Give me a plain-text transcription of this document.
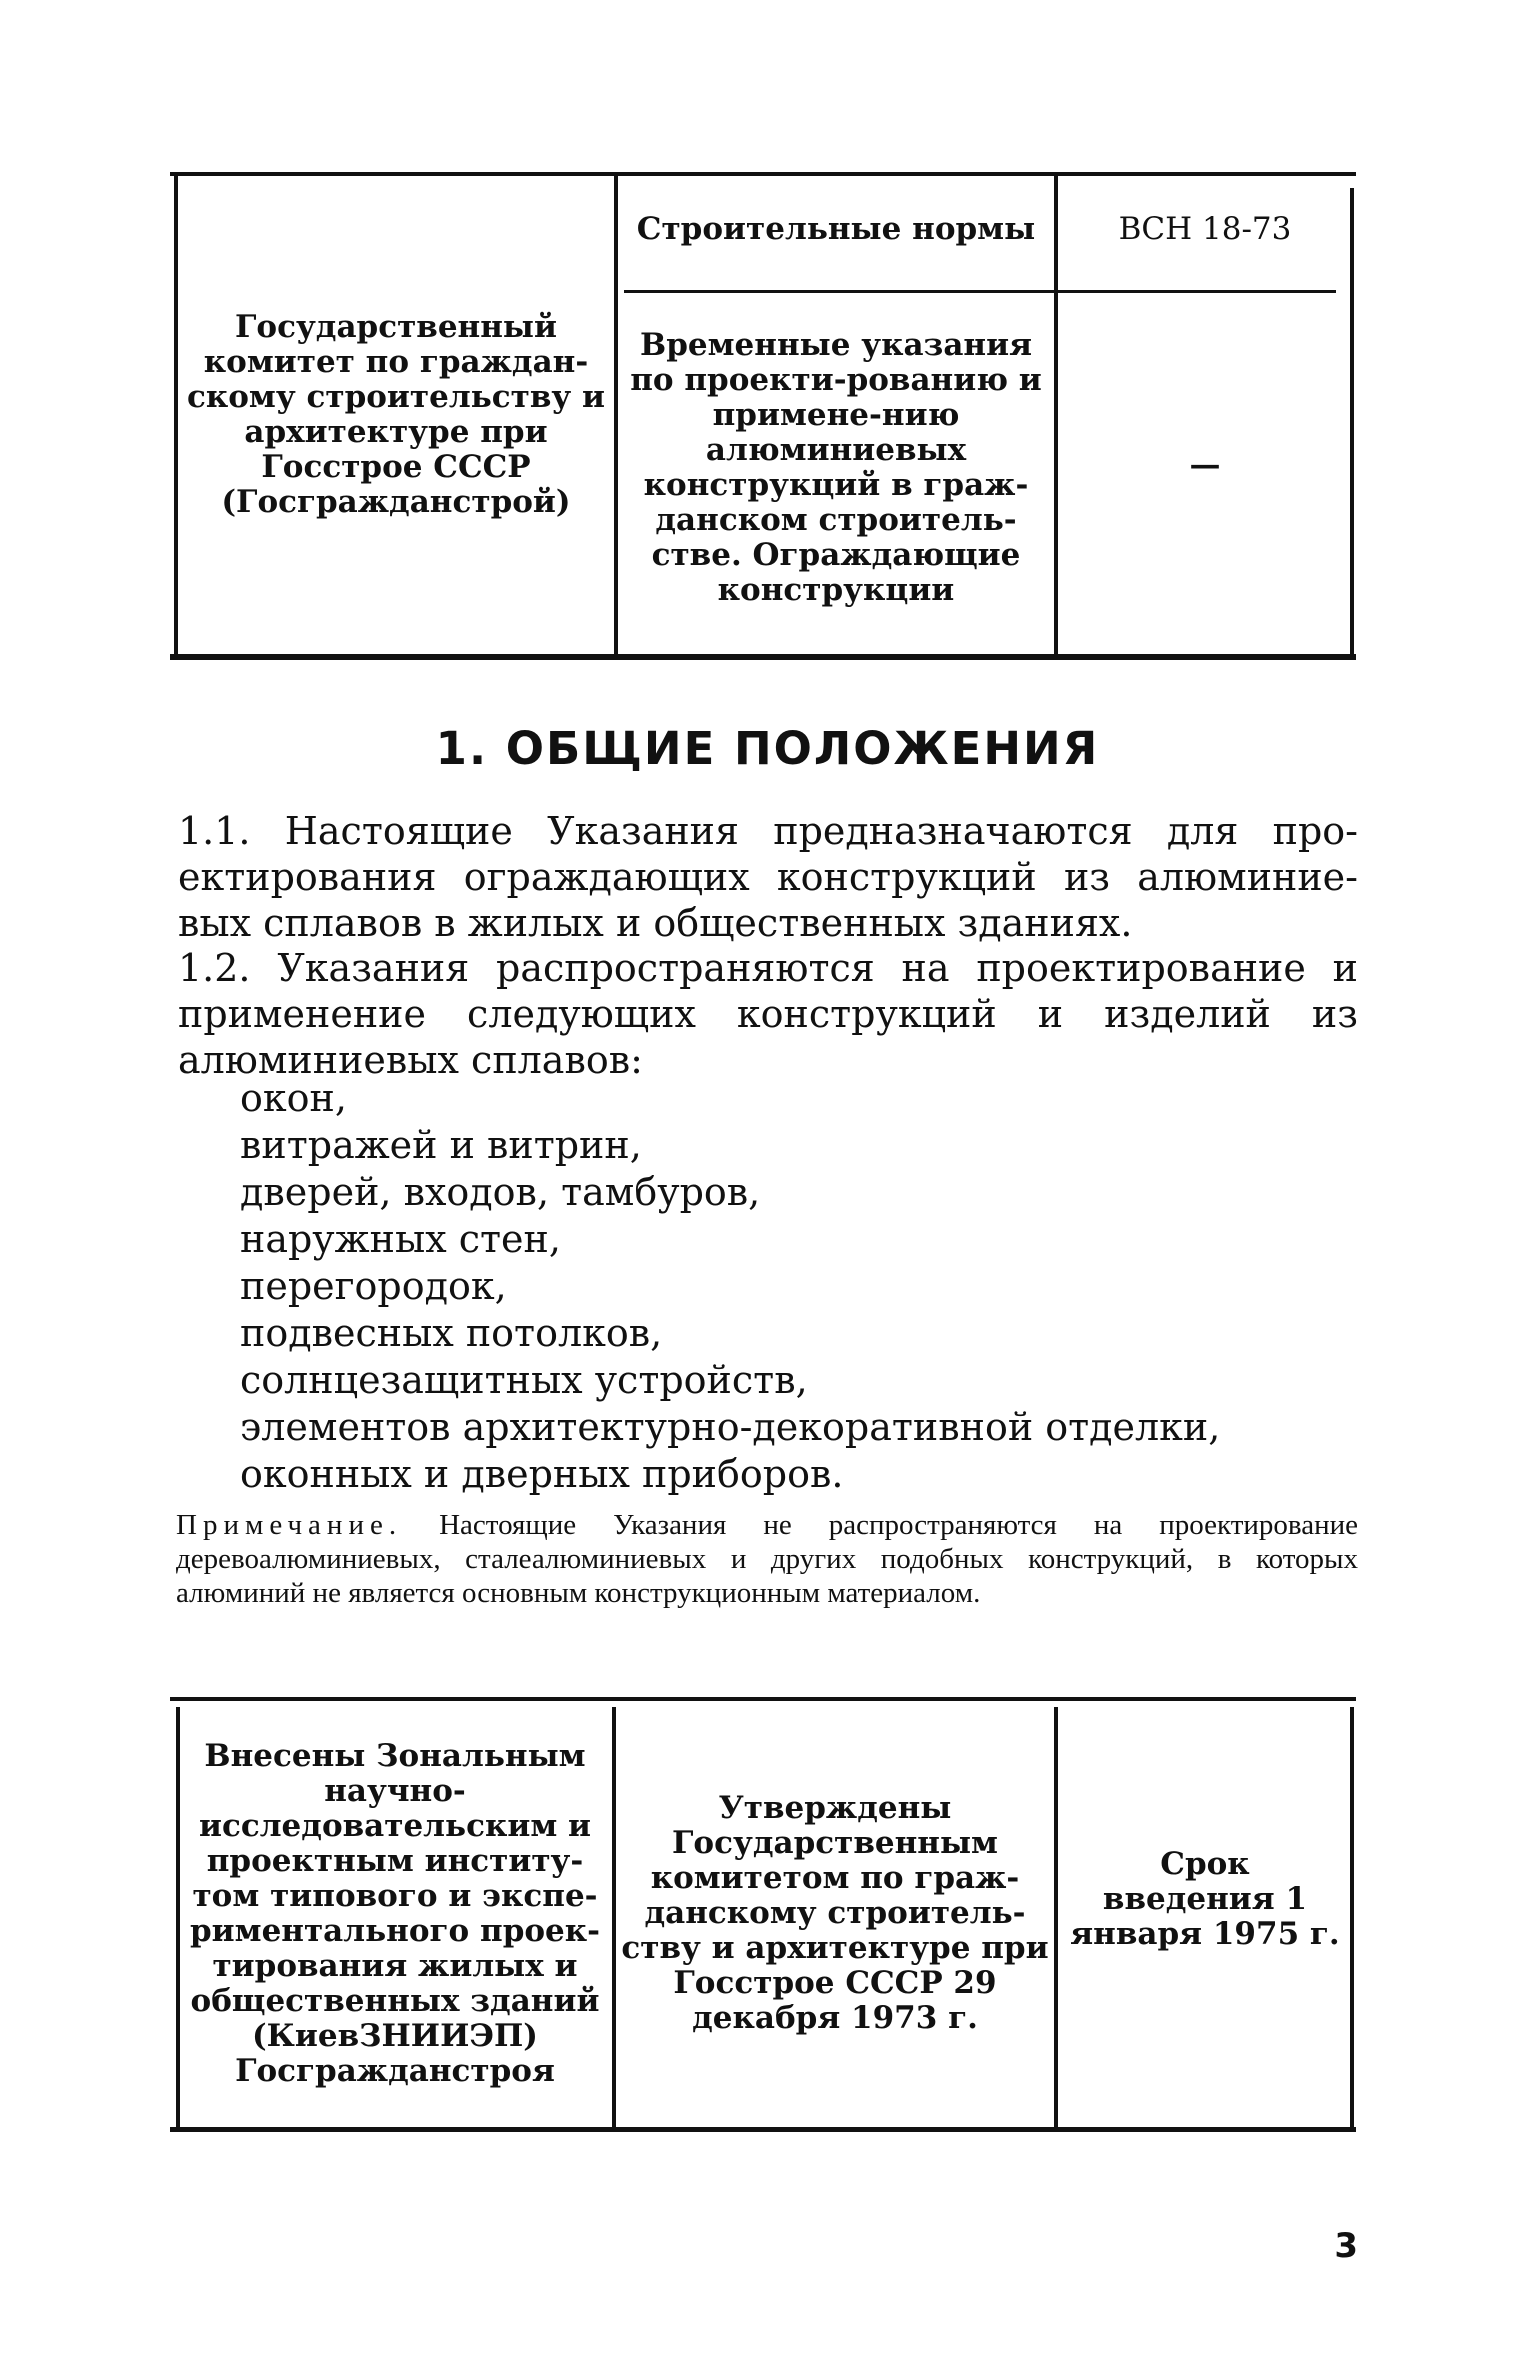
Государственный комитет по граждан-скому строительству и архитектуре при Госстрое СССР (Госгражданстрой)
Строительные нормы	ВСН 18-73
Временные указания по проекти-рованию и примене-нию алюминиевых конструкций в граж-данском строитель-стве. Ограждающие конструкции
—
1. ОБЩИЕ ПОЛОЖЕНИЯ
1.1. Настоящие Указания предназначаются для про-ектирования ограждающих конструкций из алюминие-вых сплавов в жилых и общественных зданиях.
1.2. Указания распространяются на проектирование и применение следующих конструкций и изделий из алюминиевых сплавов:
окон,
витражей и витрин,
дверей, входов, тамбуров,
наружных стен,
перегородок,
подвесных потолков,
солнцезащитных устройств,
элементов архитектурно-декоративной отделки,
оконных и дверных приборов.
Примечание. Настоящие Указания не распространяются на проектирование деревоалюминиевых, сталеалюминиевых и других подобных конструкций, в которых алюминий не является основным конструкционным материалом.
Внесены Зональным научно-исследовательским и проектным институ-том типового и экспе-риментального проек-тирования жилых и общественных зданий (КиевЗНИИЭП) Госгражданстроя
Утверждены Государственным комитетом по граж-данскому строитель-ству и архитектуре при Госстрое СССР 29 декабря 1973 г.
Срок введения 1 января 1975 г.
3
